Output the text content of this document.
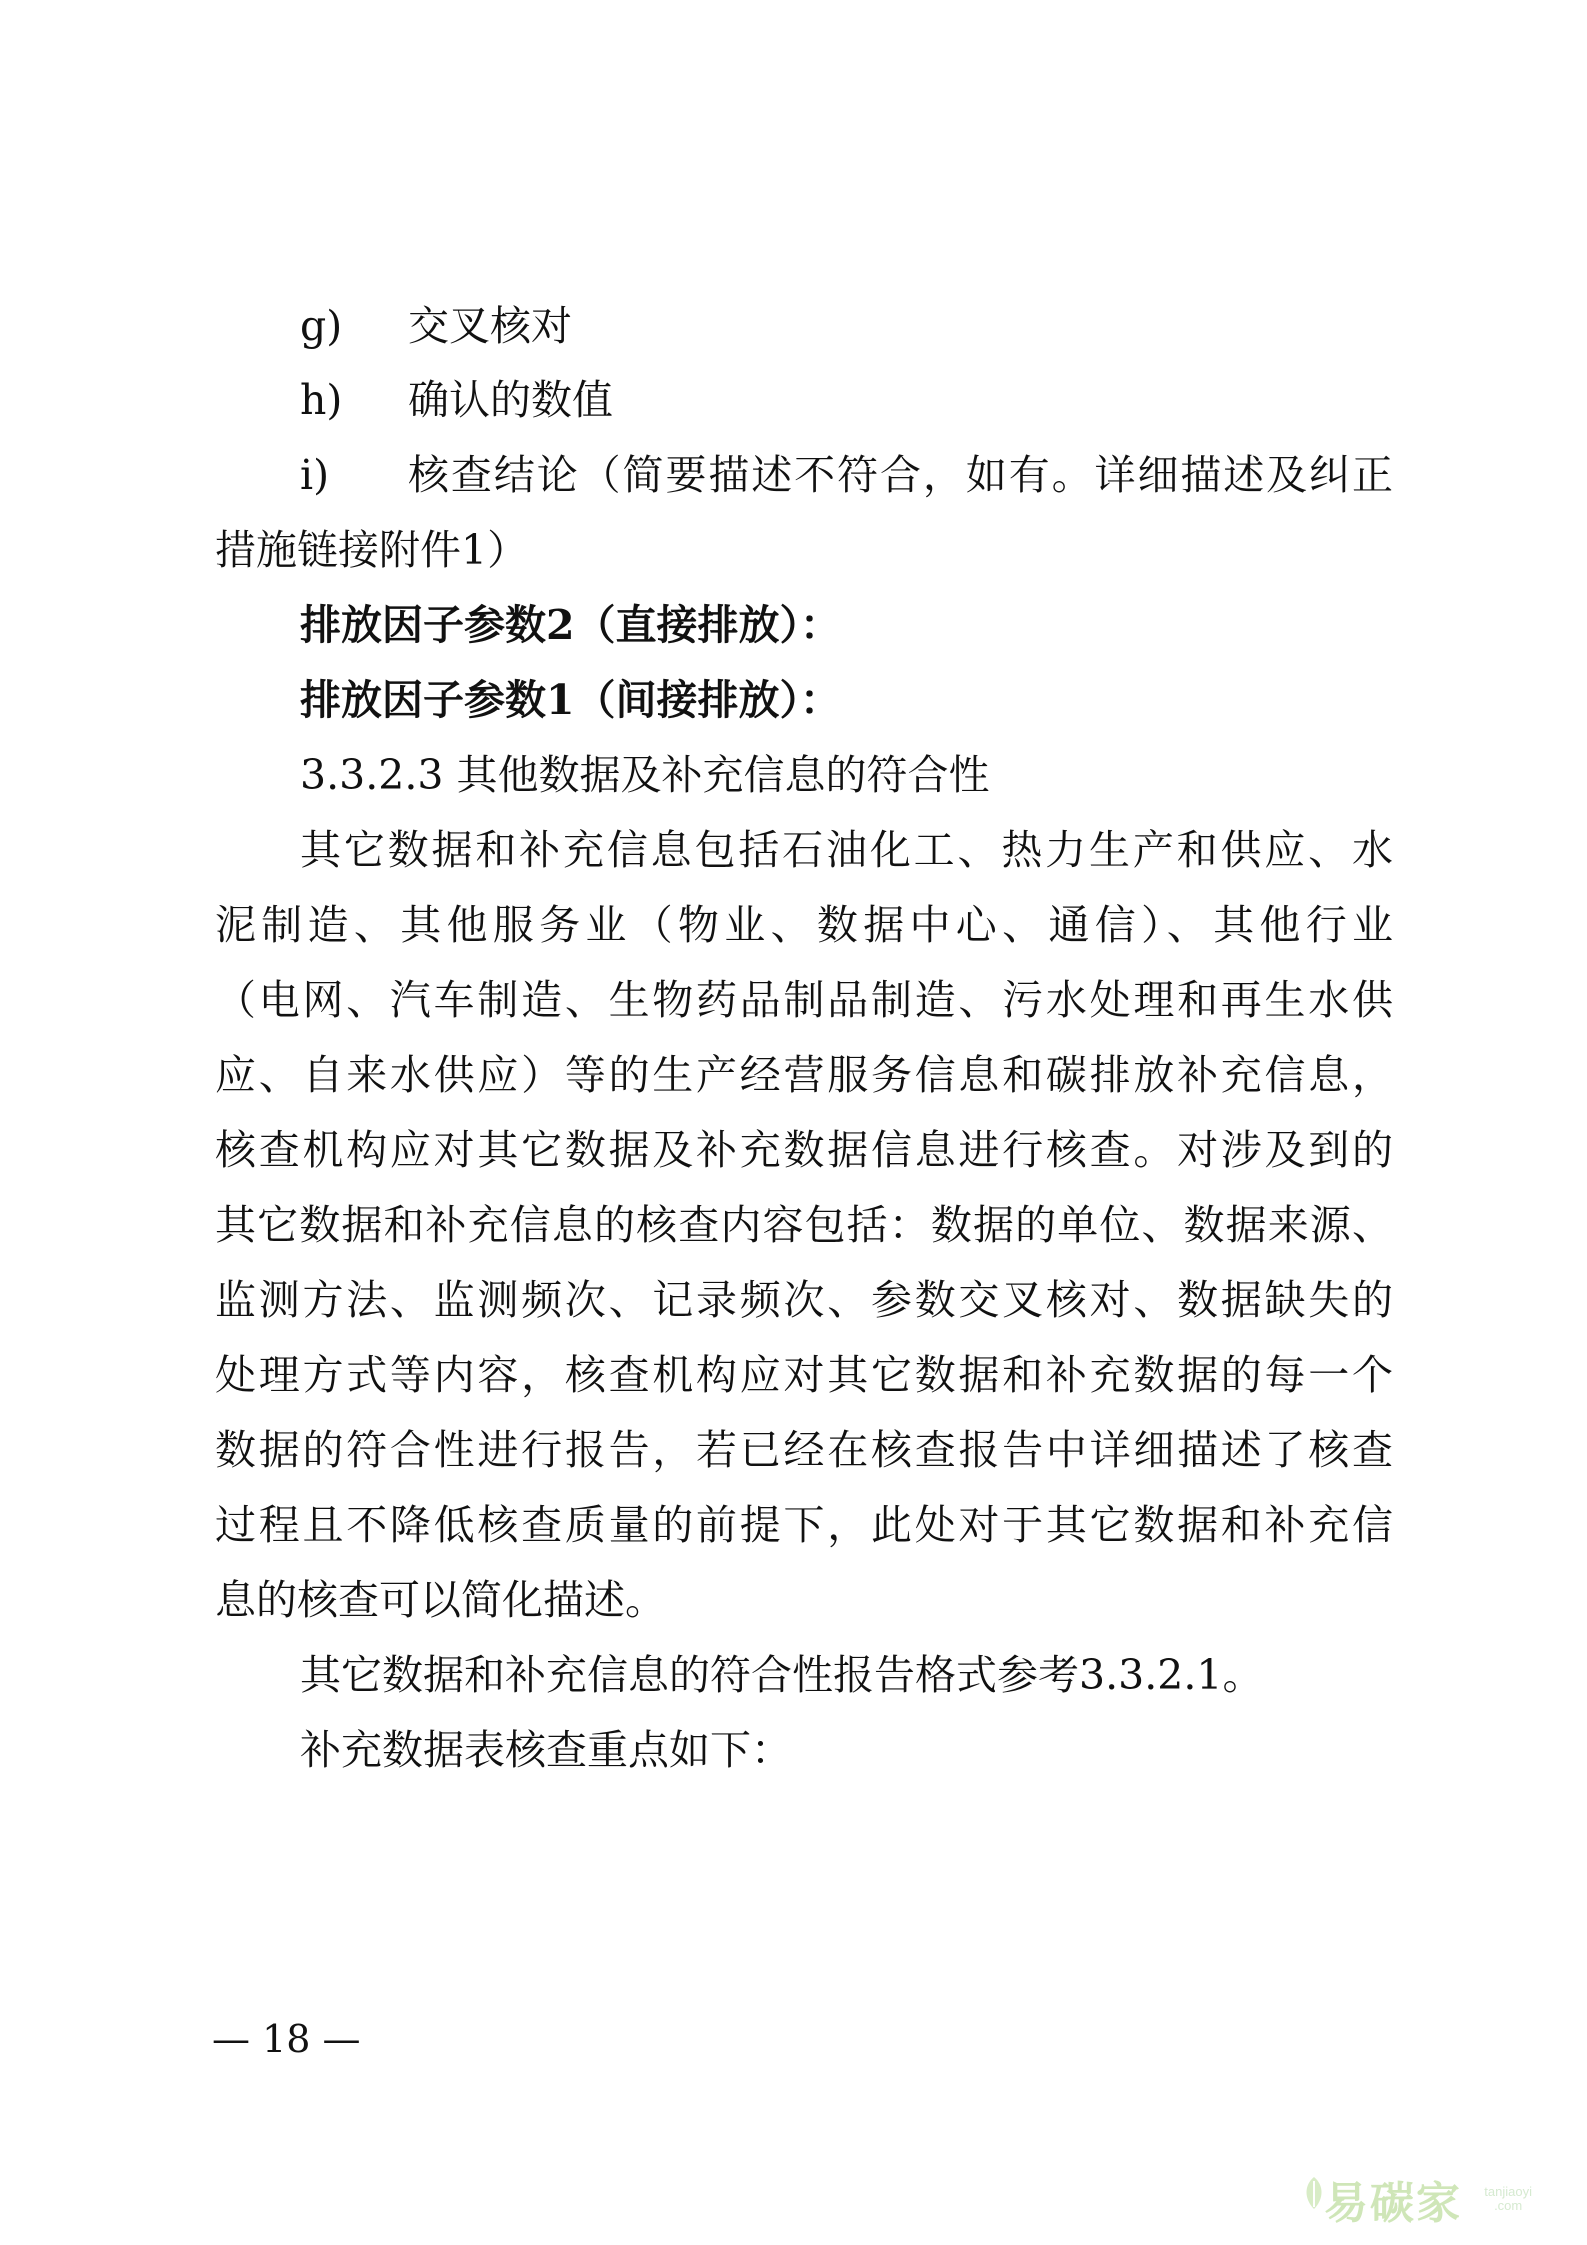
g) 交叉核对
h) 确认的数值
i) 核查结论（简要描述不符合，如有。详细描述及纠正
措施链接附件1）
排放因子参数2（直接排放）：
排放因子参数1（间接排放）：
3.3.2.3 其他数据及补充信息的符合性
其它数据和补充信息包括石油化工、热力生产和供应、水
泥制造、其他服务业（物业、数据中心、通信）、其他行业
（电网、汽车制造、生物药品制品制造、污水处理和再生水供
应、自来水供应）等的生产经营服务信息和碳排放补充信息，
核查机构应对其它数据及补充数据信息进行核查。对涉及到的
其它数据和补充信息的核查内容包括：数据的单位、数据来源、
监测方法、监测频次、记录频次、参数交叉核对、数据缺失的
处理方式等内容，核查机构应对其它数据和补充数据的每一个
数据的符合性进行报告，若已经在核查报告中详细描述了核查
过程且不降低核查质量的前提下，此处对于其它数据和补充信
息的核查可以简化描述。
其它数据和补充信息的符合性报告格式参考3.3.2.1。
补充数据表核查重点如下：
— 18 —
易碳家 tanjiaoyi
.com
